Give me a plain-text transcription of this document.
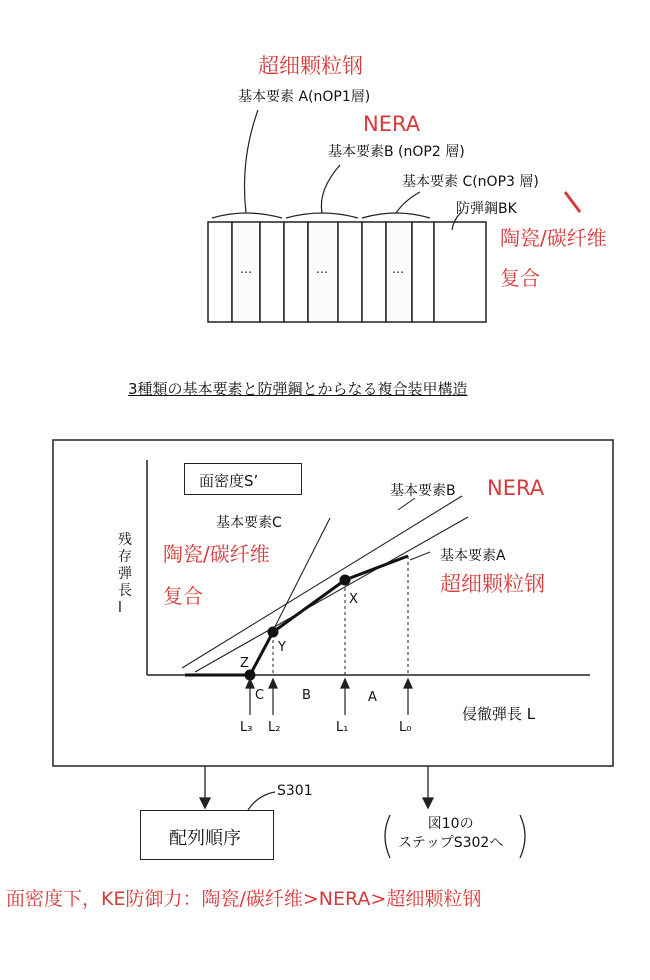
超细颗粒钢
基本要素 A(nOP1層)
NERA
基本要素B (nOP2 層)
基本要素 C(nOP3 層)
防弾鋼BK
陶瓷/碳纤维
复合
…	…	…
3種類の基本要素と防弾鋼とからなる複合装甲構造
面密度S’
残存弾長 l
侵徹弾長 L
基本要素B NERA
基本要素C
陶瓷/碳纤维
复合
基本要素A
超细颗粒钢
X
Y
Z
C	B	A
L₃ L₂	L₁	L₀
S301
配列順序
図10の
ステップS302へ
面密度下，KE防御力：陶瓷/碳纤维>NERA>超细颗粒钢
